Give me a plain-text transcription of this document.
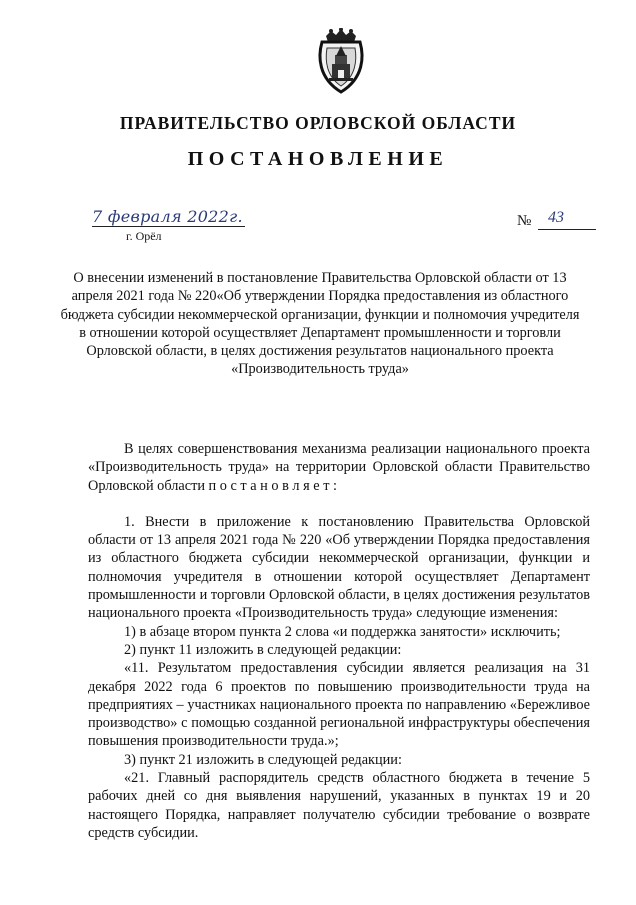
ПРАВИТЕЛЬСТВО ОРЛОВСКОЙ ОБЛАСТИ
ПОСТАНОВЛЕНИЕ
7 февраля 2022г.
г. Орёл
№ 43
О внесении изменений в постановление Правительства Орловской области от 13 апреля 2021 года № 220«Об утверждении Порядка предоставления из областного бюджета субсидии некоммерческой организации, функции и полномочия учредителя в отношении которой осуществляет Департамент промышленности и торговли Орловской области, в целях достижения результатов национального проекта «Производительность труда»

В целях совершенствования механизма реализации национального проекта «Производительность труда» на территории Орловской области Правительство Орловской области п о с т а н о в л я е т :

1. Внести в приложение к постановлению Правительства Орловской области от 13 апреля 2021 года № 220 «Об утверждении Порядка предоставления из областного бюджета субсидии некоммерческой организации, функции и полномочия учредителя в отношении которой осуществляет Департамент промышленности и торговли Орловской области, в целях достижения результатов национального проекта «Производительность труда» следующие изменения:

1) в абзаце втором пункта 2 слова «и поддержка занятости» исключить;

2) пункт 11 изложить в следующей редакции:

«11. Результатом предоставления субсидии является реализация на 31 декабря 2022 года 6 проектов по повышению производительности труда на предприятиях – участниках национального проекта по направлению «Бережливое производство» с помощью созданной региональной инфраструктуры обеспечения повышения производительности труда.»;

3) пункт 21 изложить в следующей редакции:

«21. Главный распорядитель средств областного бюджета в течение 5 рабочих дней со дня выявления нарушений, указанных в пунктах 19 и 20 настоящего Порядка, направляет получателю субсидии требование о возврате средств субсидии.
